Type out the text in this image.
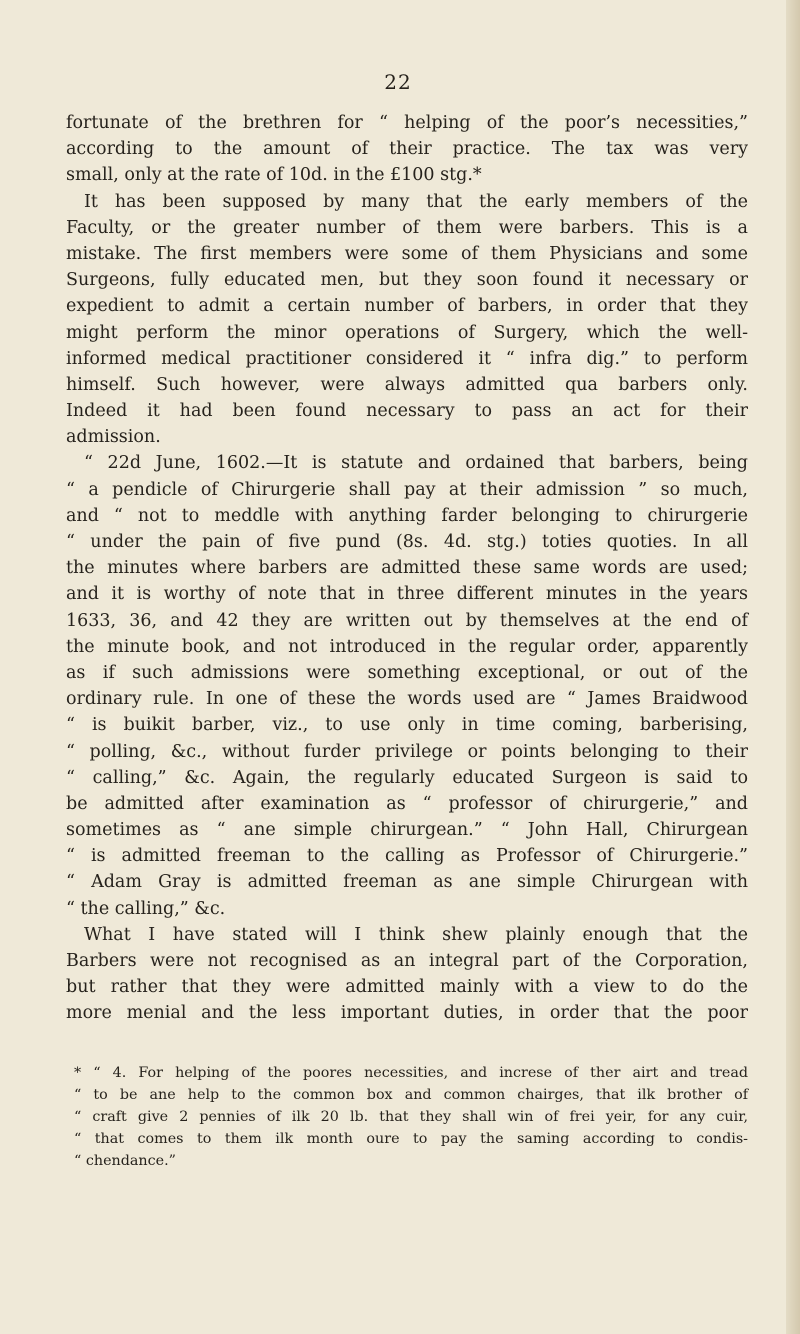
22
fortunate of the brethren for “ helping of the poor’s necessities,”
according to the amount of their practice. The tax was very
small, only at the rate of 10d. in the £100 stg.*
It has been supposed by many that the early members of the
Faculty, or the greater number of them were barbers. This is a
mistake. The first members were some of them Physicians and some
Surgeons, fully educated men, but they soon found it necessary or
expedient to admit a certain number of barbers, in order that they
might perform the minor operations of Surgery, which the well-
informed medical practitioner considered it “ infra dig.” to perform
himself. Such however, were always admitted qua barbers only.
Indeed it had been found necessary to pass an act for their
admission.
“ 22d June, 1602.—It is statute and ordained that barbers, being
“ a pendicle of Chirurgerie shall pay at their admission ” so much,
and “ not to meddle with anything farder belonging to chirurgerie
“ under the pain of five pund (8s. 4d. stg.) toties quoties. In all
the minutes where barbers are admitted these same words are used;
and it is worthy of note that in three different minutes in the years
1633, 36, and 42 they are written out by themselves at the end of
the minute book, and not introduced in the regular order, apparently
as if such admissions were something exceptional, or out of the
ordinary rule. In one of these the words used are “ James Braidwood
“ is buikit barber, viz., to use only in time coming, barberising,
“ polling, &c., without furder privilege or points belonging to their
“ calling,” &c. Again, the regularly educated Surgeon is said to
be admitted after examination as “ professor of chirurgerie,” and
sometimes as “ ane simple chirurgean.” “ John Hall, Chirurgean
“ is admitted freeman to the calling as Professor of Chirurgerie.”
“ Adam Gray is admitted freeman as ane simple Chirurgean with
“ the calling,” &c.
What I have stated will I think shew plainly enough that the
Barbers were not recognised as an integral part of the Corporation,
but rather that they were admitted mainly with a view to do the
more menial and the less important duties, in order that the poor
* “ 4. For helping of the poores necessities, and increse of ther airt and tread
“ to be ane help to the common box and common chairges, that ilk brother of
“ craft give 2 pennies of ilk 20 lb. that they shall win of frei yeir, for any cuir,
“ that comes to them ilk month oure to pay the saming according to condis-
“ chendance.”
